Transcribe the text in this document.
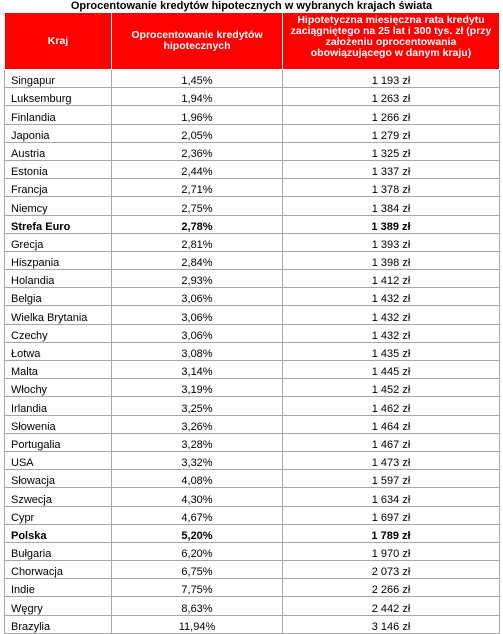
Oprocentowanie kredytów hipotecznych w wybranych krajach świata
Kraj	Oprocentowanie kredytów hipotecznych	Hipotetyczna miesięczna rata kredytu zaciągniętego na 25 lat i 300 tys. zł (przy założeniu oprocentowania obowiązującego w danym kraju)
Singapur	1,45%	1 193 zł
Luksemburg	1,94%	1 263 zł
Finlandia	1,96%	1 266 zł
Japonia	2,05%	1 279 zł
Austria	2,36%	1 325 zł
Estonia	2,44%	1 337 zł
Francja	2,71%	1 378 zł
Niemcy	2,75%	1 384 zł
Strefa Euro	2,78%	1 389 zł
Grecja	2,81%	1 393 zł
Hiszpania	2,84%	1 398 zł
Holandia	2,93%	1 412 zł
Belgia	3,06%	1 432 zł
Wielka Brytania	3,06%	1 432 zł
Czechy	3,06%	1 432 zł
Łotwa	3,08%	1 435 zł
Malta	3,14%	1 445 zł
Włochy	3,19%	1 452 zł
Irlandia	3,25%	1 462 zł
Słowenia	3,26%	1 464 zł
Portugalia	3,28%	1 467 zł
USA	3,32%	1 473 zł
Słowacja	4,08%	1 597 zł
Szwecja	4,30%	1 634 zł
Cypr	4,67%	1 697 zł
Polska	5,20%	1 789 zł
Bułgaria	6,20%	1 970 zł
Chorwacja	6,75%	2 073 zł
Indie	7,75%	2 266 zł
Węgry	8,63%	2 442 zł
Brazylia	11,94%	3 146 zł
